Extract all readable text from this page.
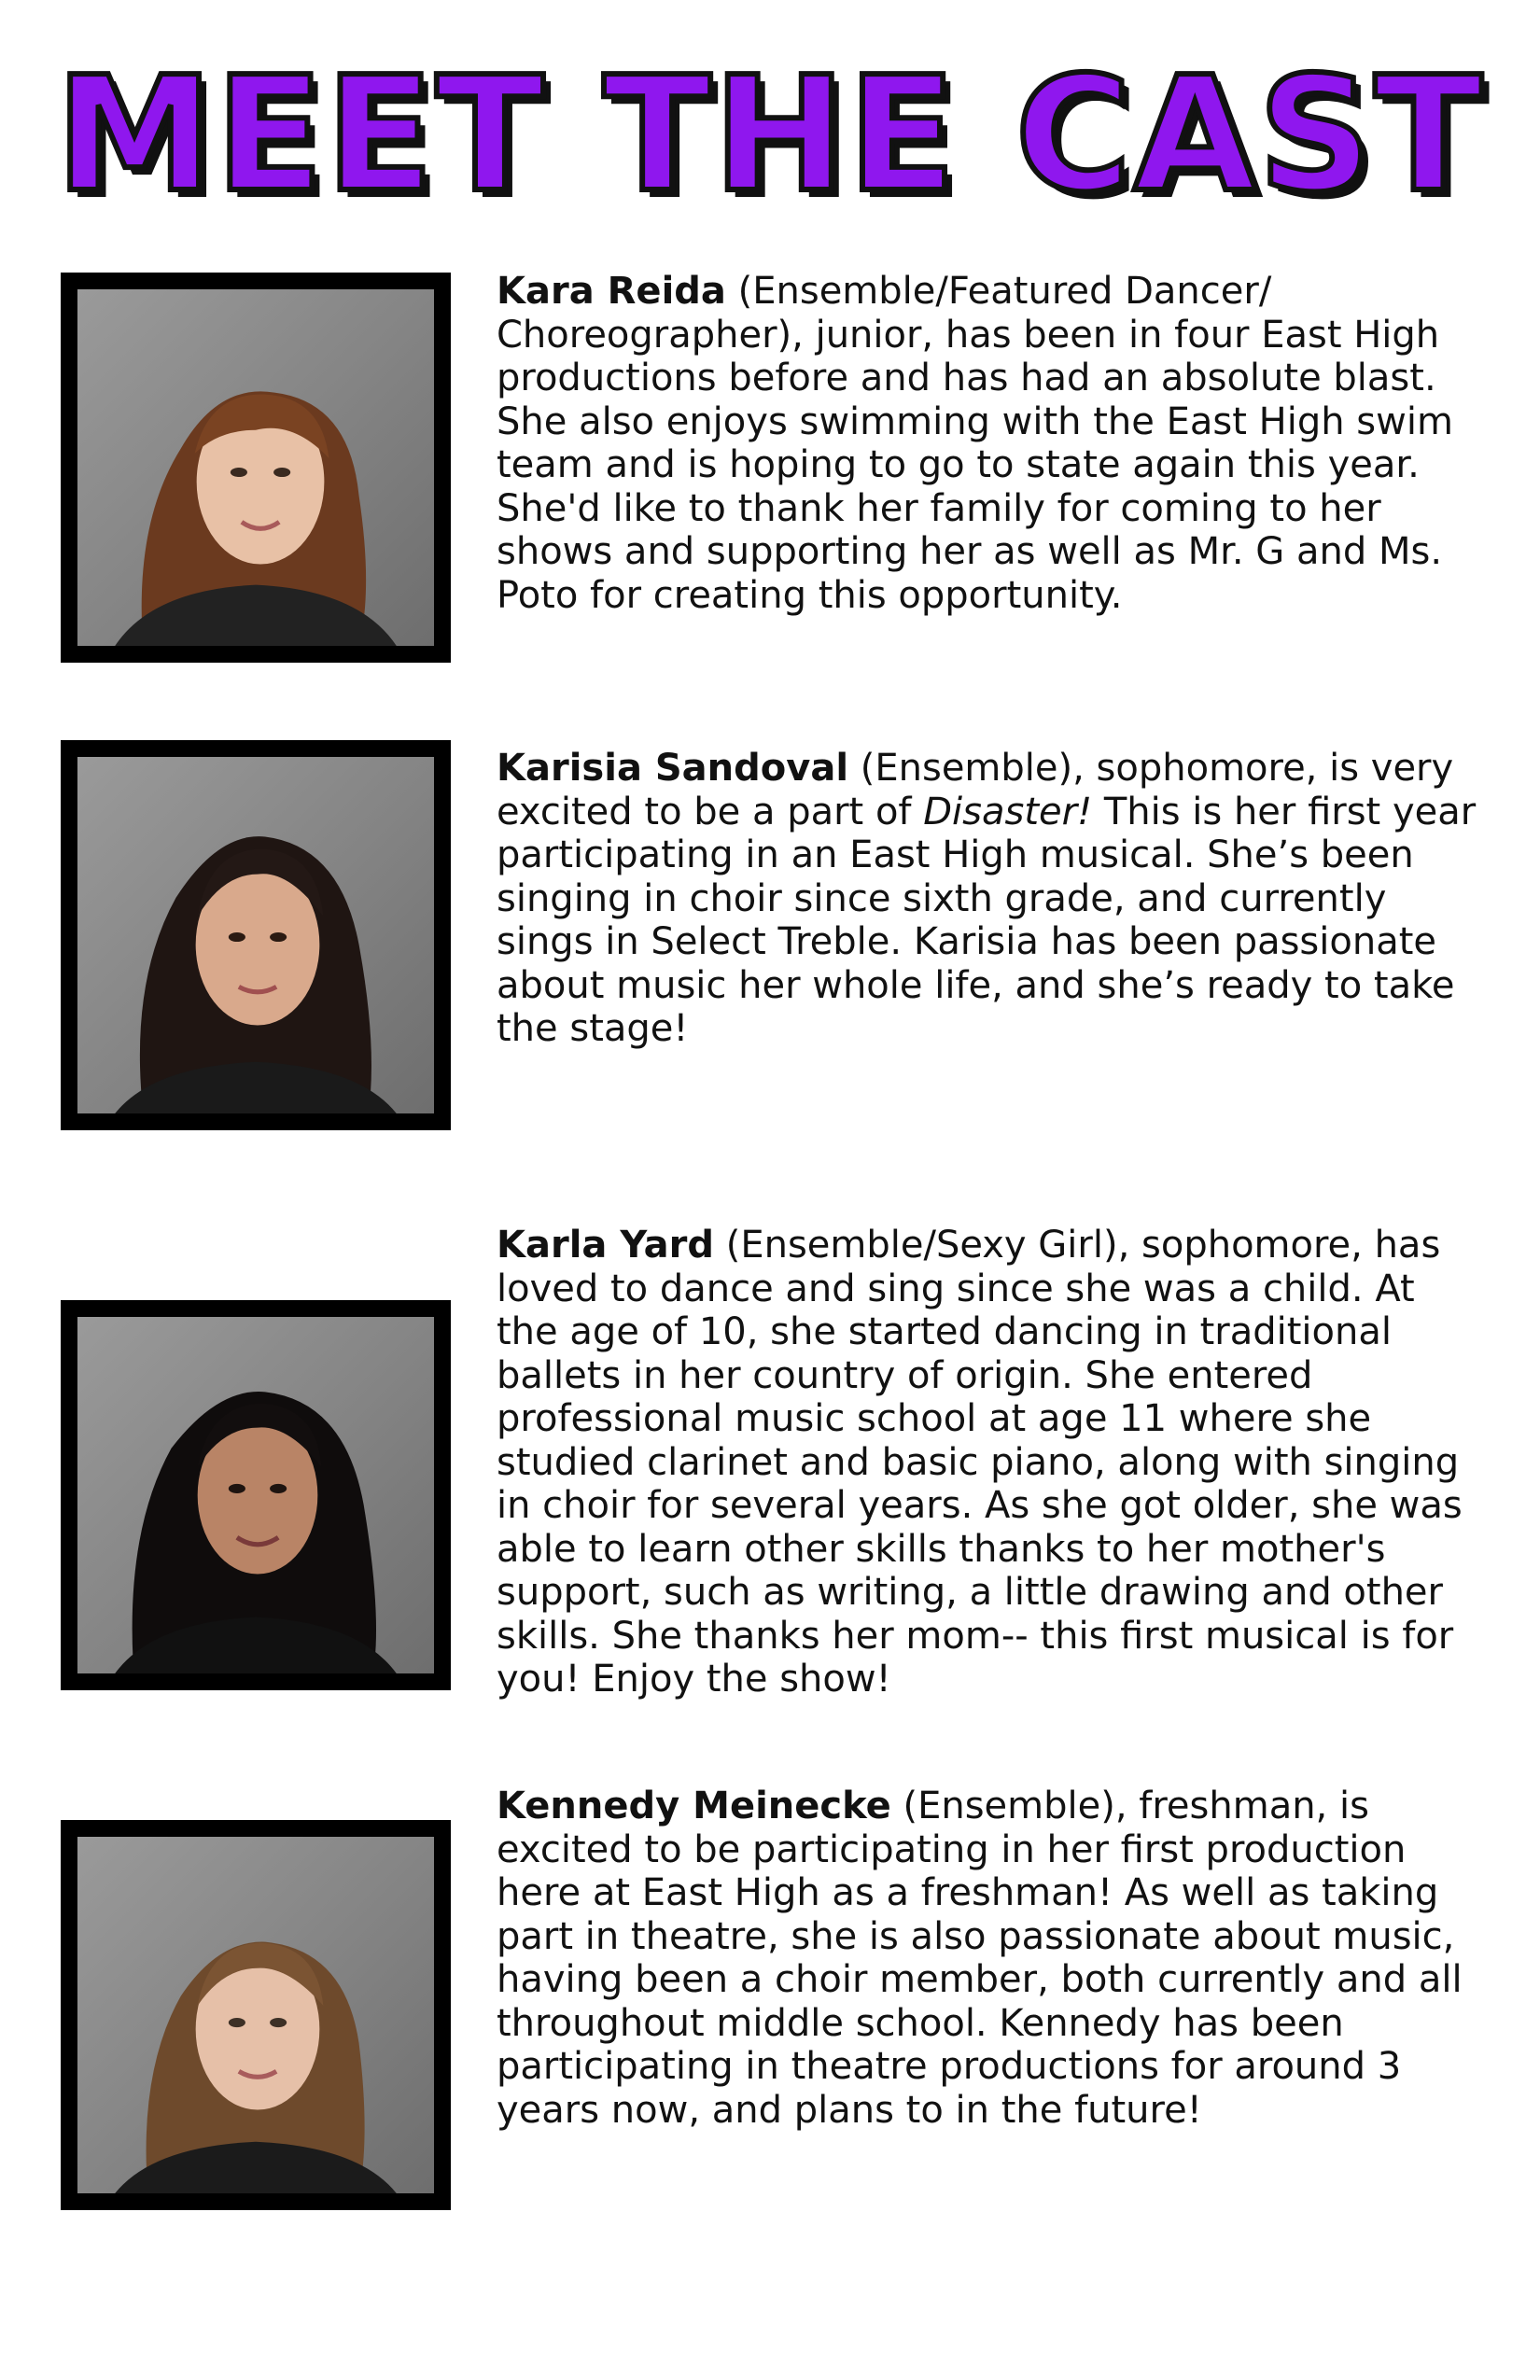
MEET THE CAST

Kara Reida (Ensemble/Featured Dancer/ Choreographer), junior, has been in four East High productions before and has had an absolute blast. She also enjoys swimming with the East High swim team and is hoping to go to state again this year. She'd like to thank her family for coming to her shows and supporting her as well as Mr. G and Ms. Poto for creating this opportunity.

Karisia Sandoval (Ensemble), sophomore, is very excited to be a part of Disaster! This is her first year participating in an East High musical. She’s been singing in choir since sixth grade, and currently sings in Select Treble. Karisia has been passionate about music her whole life, and she’s ready to take the stage!

Karla Yard (Ensemble/Sexy Girl), sophomore, has loved to dance and sing since she was a child. At the age of 10, she started dancing in traditional ballets in her country of origin. She entered professional music school at age 11 where she studied clarinet and basic piano, along with singing in choir for several years. As she got older, she was able to learn other skills thanks to her mother's support, such as writing, a little drawing and other skills. She thanks her mom-- this first musical is for you! Enjoy the show!

Kennedy Meinecke (Ensemble), freshman, is excited to be participating in her first production here at East High as a freshman! As well as taking part in theatre, she is also passionate about music, having been a choir member, both currently and all throughout middle school. Kennedy has been participating in theatre productions for around 3 years now, and plans to in the future!
